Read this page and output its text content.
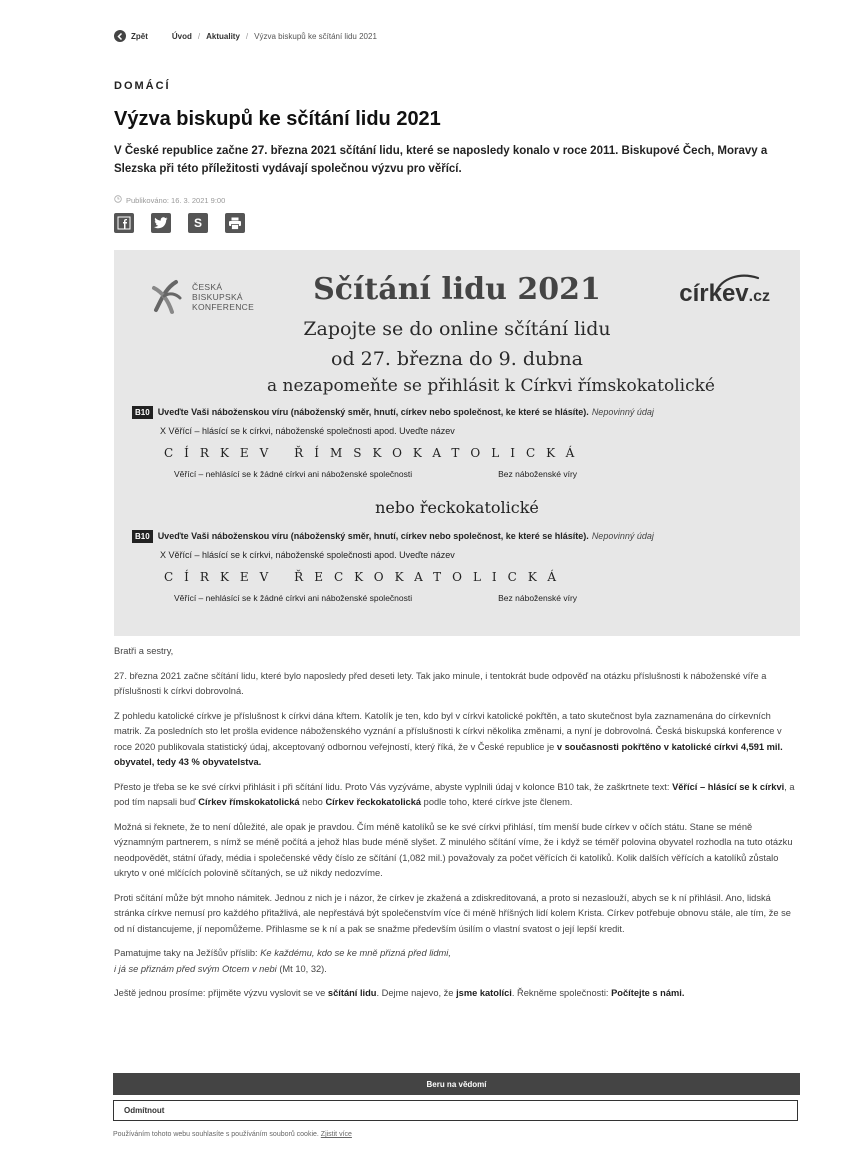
Zpět	Úvod / Aktuality / Výzva biskupů ke sčítání lidu 2021
DOMÁCÍ
Výzva biskupů ke sčítání lidu 2021
V České republice začne 27. března 2021 sčítání lidu, které se naposledy konalo v roce 2011. Biskupové Čech, Moravy a Slezska při této příležitosti vydávají společnou výzvu pro věřící.
Publikováno: 16. 3. 2021 9:00
S
ČESKÁ
BISKUPSKÁ
KONFERENCE	Sčítání lidu 2021	církev.cz
Zapojte se do online sčítání lidu
od 27. března do 9. dubna
a nezapomeňte se přihlásit k Církvi římskokatolické
B10 Uveďte Vaši náboženskou víru (náboženský směr, hnutí, církev nebo společnost, ke které se hlásíte). Nepovinný údaj
X Věřící – hlásící se k církvi, náboženské společnosti apod. Uveďte název
CÍRKEV ŘÍMSKOKATOLICKÁ
Věřící – nehlásící se k žádné církvi ani náboženské společnosti	Bez náboženské víry
nebo řeckokatolické
B10 Uveďte Vaši náboženskou víru (náboženský směr, hnutí, církev nebo společnost, ke které se hlásíte). Nepovinný údaj
X Věřící – hlásící se k církvi, náboženské společnosti apod. Uveďte název
CÍRKEV ŘECKOKATOLICKÁ
Věřící – nehlásící se k žádné církvi ani náboženské společnosti	Bez náboženské víry

Bratři a sestry,

27. března 2021 začne sčítání lidu, které bylo naposledy před deseti lety. Tak jako minule, i tentokrát bude odpověď na otázku příslušnosti k náboženské víře a příslušnosti k církvi dobrovolná.

Z pohledu katolické církve je příslušnost k církvi dána křtem. Katolík je ten, kdo byl v církvi katolické pokřtěn, a tato skutečnost byla zaznamenána do církevních matrik. Za posledních sto let prošla evidence náboženského vyznání a příslušnosti k církvi několika změnami, a nyní je dobrovolná. Česká biskupská konference v roce 2020 publikovala statistický údaj, akceptovaný odbornou veřejností, který říká, že v České republice je v současnosti pokřtěno v katolické církvi 4,591 mil. obyvatel, tedy 43 % obyvatelstva.

Přesto je třeba se ke své církvi přihlásit i při sčítání lidu. Proto Vás vyzýváme, abyste vyplnili údaj v kolonce B10 tak, že zaškrtnete text: Věřící – hlásící se k církvi, a pod tím napsali buď Církev římskokatolická nebo Církev řeckokatolická podle toho, které církve jste členem.

Možná si řeknete, že to není důležité, ale opak je pravdou. Čím méně katolíků se ke své církvi přihlásí, tím menší bude církev v očích státu. Stane se méně významným partnerem, s nímž se méně počítá a jehož hlas bude méně slyšet. Z minulého sčítání víme, že i když se téměř polovina obyvatel rozhodla na tuto otázku neodpovědět, státní úřady, média i společenské vědy číslo ze sčítání (1,082 mil.) považovaly za počet věřících či katolíků. Kolik dalších věřících a katolíků zůstalo ukryto v oné mlčících polovině sčítaných, se už nikdy nedozvíme.

Proti sčítání může být mnoho námitek. Jednou z nich je i názor, že církev je zkažená a zdiskreditovaná, a proto si nezaslouží, abych se k ní přihlásil. Ano, lidská stránka církve nemusí pro každého přitažlivá, ale nepřestává být společenstvím více či méně hříšných lidí kolem Krista. Církev potřebuje obnovu stále, ale tím, že se od ní distancujeme, jí nepomůžeme. Přihlasme se k ní a pak se snažme především úsilím o vlastní svatost o její lepší kredit.

Pamatujme taky na Ježíšův příslib: Ke každému, kdo se ke mně přizná před lidmi,
i já se přiznám před svým Otcem v nebi (Mt 10, 32).

Ještě jednou prosíme: přijměte výzvu vyslovit se ve sčítání lidu. Dejme najevo, že jsme katolíci. Řekněme společnosti: Počítejte s námi.

Beru na vědomí
Odmítnout
Používáním tohoto webu souhlasíte s používáním souborů cookie. Zjistit více
